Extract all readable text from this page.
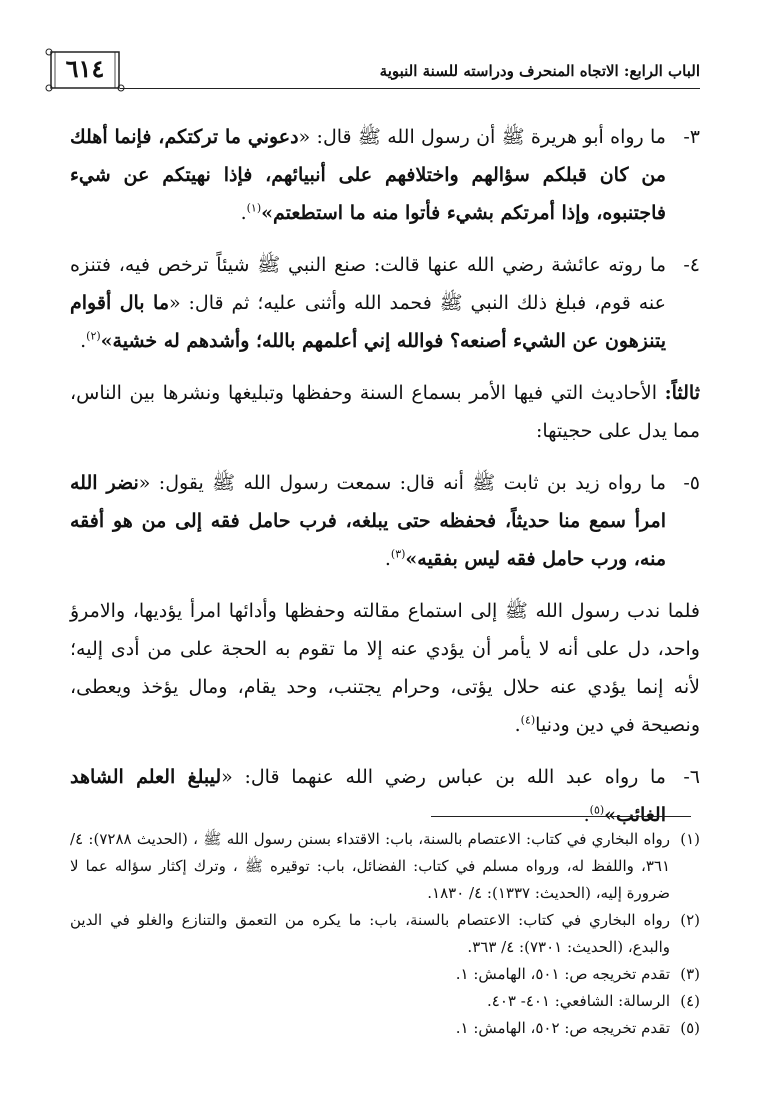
الباب الرابع: الاتجاه المنحرف ودراسته للسنة النبوية
٦١٤
٣-
ما رواه أبو هريرة ﷺ أن رسول الله ﷺ قال: «دعوني ما تركتكم، فإنما أهلك من كان قبلكم سؤالهم واختلافهم على أنبيائهم، فإذا نهيتكم عن شيء فاجتنبوه، وإذا أمرتكم بشيء فأتوا منه ما استطعتم»$^{(١)}$.
٤-
ما روته عائشة رضي الله عنها قالت: صنع النبي ﷺ شيئاً ترخص فيه، فتنزه عنه قوم، فبلغ ذلك النبي ﷺ فحمد الله وأثنى عليه؛ ثم قال: «ما بال أقوام يتنزهون عن الشيء أصنعه؟ فوالله إني أعلمهم بالله؛ وأشدهم له خشية»$^{(٢)}$.
ثالثاً: الأحاديث التي فيها الأمر بسماع السنة وحفظها وتبليغها ونشرها بين الناس، مما يدل على حجيتها:
٥-
ما رواه زيد بن ثابت ﷺ أنه قال: سمعت رسول الله ﷺ يقول: «نضر الله امرأ سمع منا حديثاً، فحفظه حتى يبلغه، فرب حامل فقه إلى من هو أفقه منه، ورب حامل فقه ليس بفقيه»$^{(٣)}$.
فلما ندب رسول الله ﷺ إلى استماع مقالته وحفظها وأدائها امرأ يؤديها، والامرؤ واحد، دل على أنه لا يأمر أن يؤدي عنه إلا ما تقوم به الحجة على من أدى إليه؛ لأنه إنما يؤدي عنه حلال يؤتى، وحرام يجتنب، وحد يقام، ومال يؤخذ ويعطى، ونصيحة في دين ودنيا$^{(٤)}$.
٦-
ما رواه عبد الله بن عباس رضي الله عنهما قال: «ليبلغ العلم الشاهد الغائب»$^{(٥)}$.
(١)
رواه البخاري في كتاب: الاعتصام بالسنة، باب: الاقتداء بسنن رسول الله ﷺ ، (الحديث ٧٢٨٨): ٤/ ٣٦١، واللفظ له، ورواه مسلم في كتاب: الفضائل، باب: توقيره ﷺ ، وترك إكثار سؤاله عما لا ضرورة إليه، (الحديث: ١٣٣٧): ٤/ ١٨٣٠.
(٢)
رواه البخاري في كتاب: الاعتصام بالسنة، باب: ما يكره من التعمق والتنازع والغلو في الدين والبدع، (الحديث: ٧٣٠١): ٤/ ٣٦٣.
(٣)
تقدم تخريجه ص: ٥٠١، الهامش: ١.
(٤)
الرسالة: الشافعي: ٤٠١- ٤٠٣.
(٥)
تقدم تخريجه ص: ٥٠٢، الهامش: ١.
